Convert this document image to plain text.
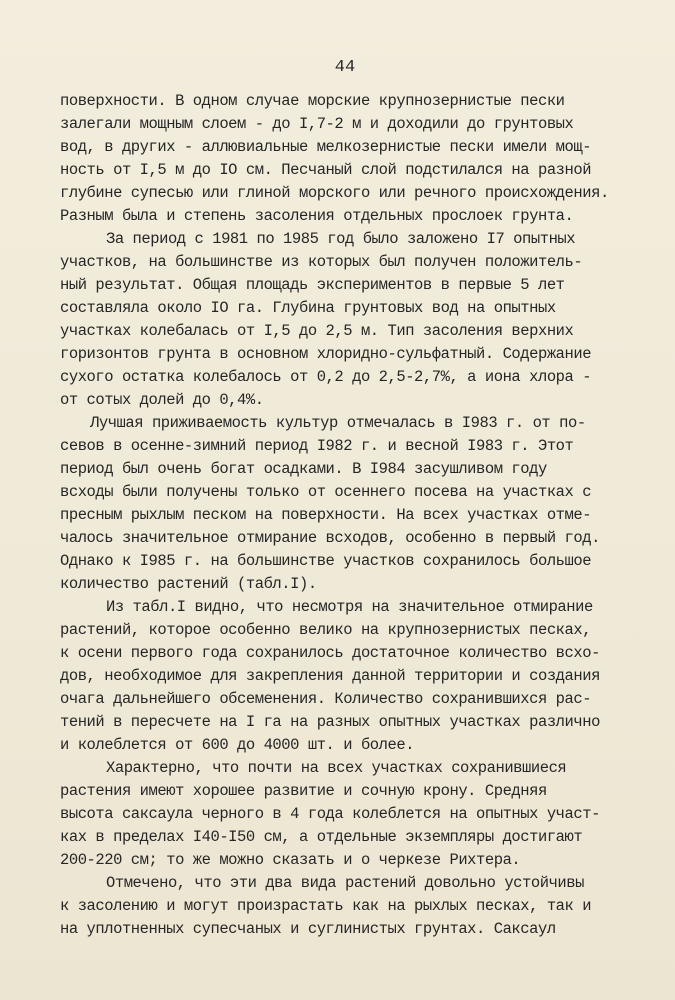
44
поверхности. В одном случае морские крупнозернистые пески
залегали мощным слоем - до I,7-2 м и доходили до грунтовых
вод, в других - аллювиальные мелкозернистые пески имели мощ-
ность от I,5 м до IO см. Песчаный слой подстилался на разной
глубине супесью или глиной морского или речного происхождения.
Разным была и степень засоления отдельных прослоек грунта.
За период с 1981 по 1985 год было заложено I7 опытных
участков, на большинстве из которых был получен положитель-
ный результат. Общая площадь экспериментов в первые 5 лет
составляла около IO га. Глубина грунтовых вод на опытных
участках колебалась от I,5 до 2,5 м. Тип засоления верхних
горизонтов грунта в основном хлоридно-сульфатный. Содержание
сухого остатка колебалось от 0,2 до 2,5-2,7%, а иона хлора -
от сотых долей до 0,4%.
Лучшая приживаемость культур отмечалась в I983 г. от по-
севов в осенне-зимний период I982 г. и весной I983 г. Этот
период был очень богат осадками. В I984 засушливом году
всходы были получены только от осеннего посева на участках с
пресным рыхлым песком на поверхности. На всех участках отме-
чалось значительное отмирание всходов, особенно в первый год.
Однако к I985 г. на большинстве участков сохранилось большое
количество растений (табл.I).
Из табл.I видно, что несмотря на значительное отмирание
растений, которое особенно велико на крупнозернистых песках,
к осени первого года сохранилось достаточное количество всхо-
дов, необходимое для закрепления данной территории и создания
очага дальнейшего обсеменения. Количество сохранившихся рас-
тений в пересчете на I га на разных опытных участках различно
и колеблется от 600 до 4000 шт. и более.
Характерно, что почти на всех участках сохранившиеся
растения имеют хорошее развитие и сочную крону. Средняя
высота саксаула черного в 4 года колеблется на опытных участ-
ках в пределах I40-I50 см, а отдельные экземпляры достигают
200-220 см; то же можно сказать и о черкезе Рихтера.
Отмечено, что эти два вида растений довольно устойчивы
к засолению и могут произрастать как на рыхлых песках, так и
на уплотненных супесчаных и суглинистых грунтах. Саксаул
